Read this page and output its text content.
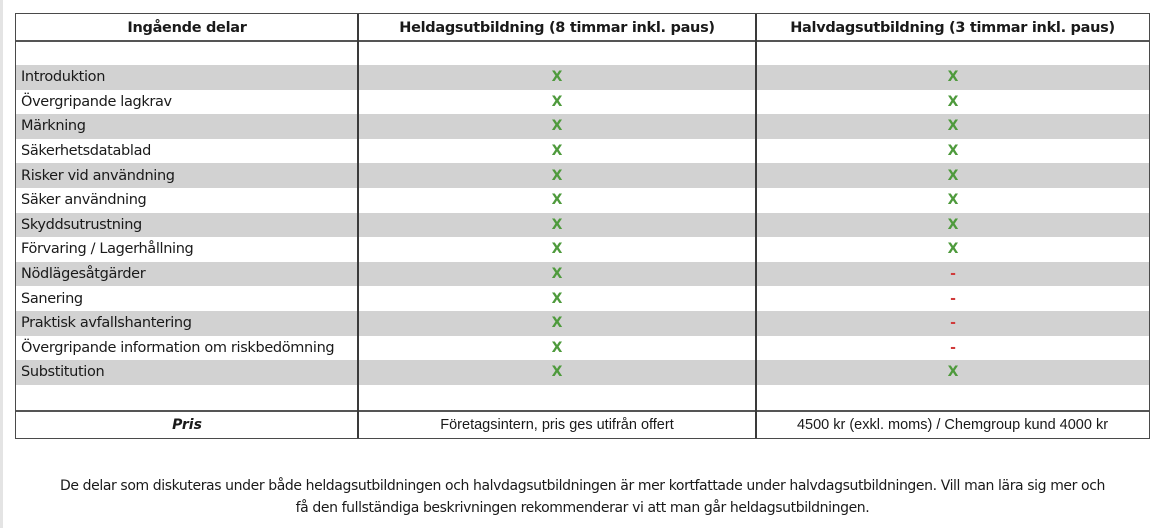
Ingående delar	Heldagsutbildning (8 timmar inkl. paus)	Halvdagsutbildning (3 timmar inkl. paus)
Introduktion	X	X
Övergripande lagkrav	X	X
Märkning	X	X
Säkerhetsdatablad	X	X
Risker vid användning	X	X
Säker användning	X	X
Skyddsutrustning	X	X
Förvaring / Lagerhållning	X	X
Nödlägesåtgärder	X	-
Sanering	X	-
Praktisk avfallshantering	X	-
Övergripande information om riskbedömning	X	-
Substitution	X	X
Pris	Företagsintern, pris ges utifrån offert	4500 kr (exkl. moms) / Chemgroup kund 4000 kr
De delar som diskuteras under både heldagsutbildningen och halvdagsutbildningen är mer kortfattade under halvdagsutbildningen. Vill man lära sig mer och
få den fullständiga beskrivningen rekommenderar vi att man går heldagsutbildningen.
